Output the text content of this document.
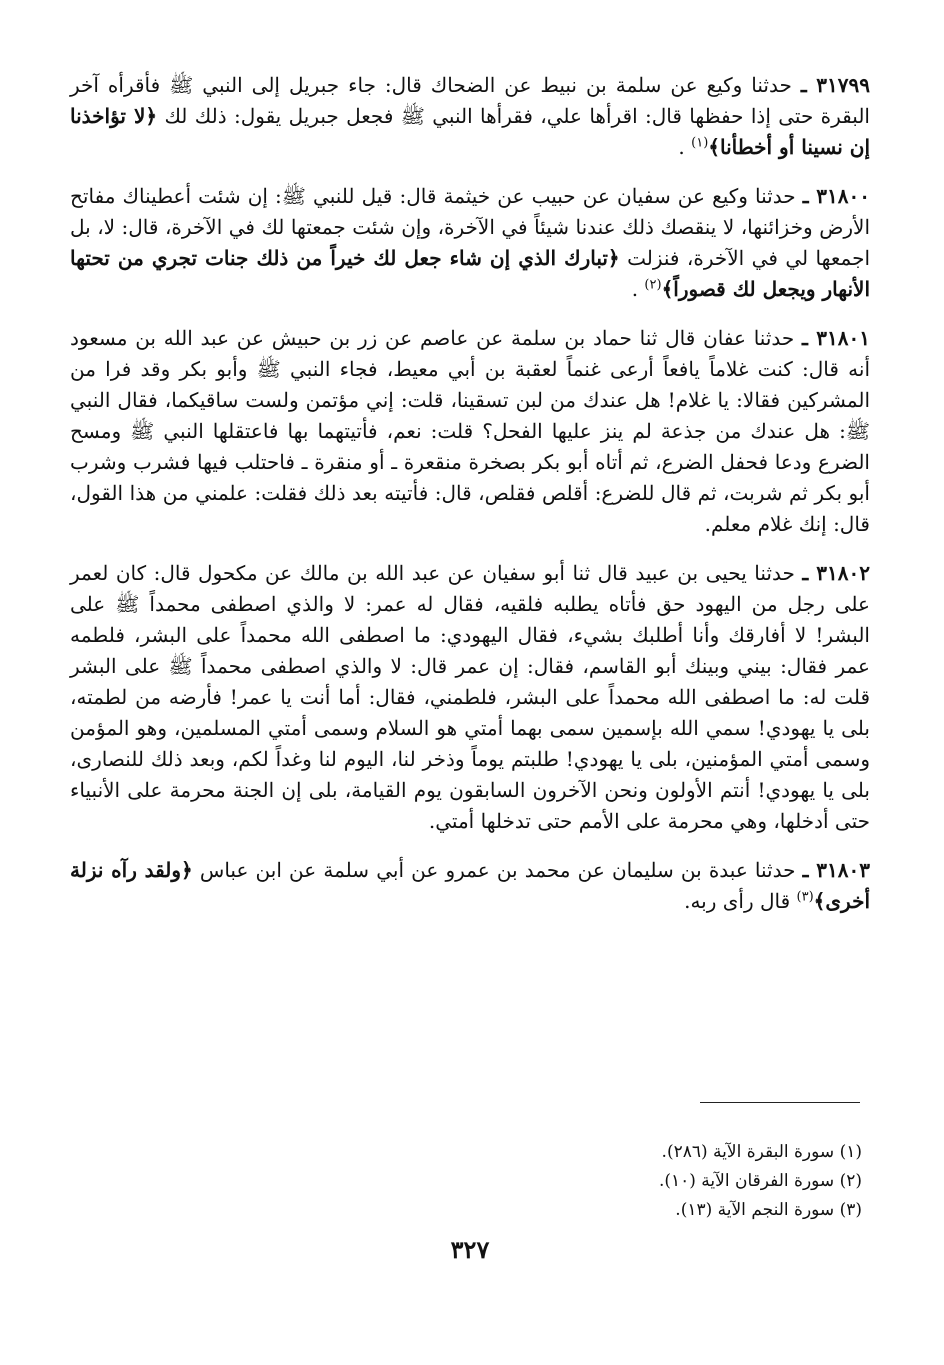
٣١٧٩٩ ـ حدثنا وكيع عن سلمة بن نبيط عن الضحاك قال: جاء جبريل إلى النبي ﷺ فأقرأه آخر البقرة حتى إذا حفظها قال: اقرأها علي، فقرأها النبي ﷺ فجعل جبريل يقول: ذلك لك ﴿لا تؤاخذنا إن نسينا أو أخطأنا﴾$^{(١)}$ .

٣١٨٠٠ ـ حدثنا وكيع عن سفيان عن حبيب عن خيثمة قال: قيل للنبي ﷺ: إن شئت أعطيناك مفاتح الأرض وخزائنها، لا ينقصك ذلك عندنا شيئاً في الآخرة، وإن شئت جمعتها لك في الآخرة، قال: لا، بل اجمعها لي في الآخرة، فنزلت ﴿تبارك الذي إن شاء جعل لك خيراً من ذلك جنات تجري من تحتها الأنهار ويجعل لك قصوراً﴾$^{(٢)}$ .

٣١٨٠١ ـ حدثنا عفان قال ثنا حماد بن سلمة عن عاصم عن زر بن حبيش عن عبد الله بن مسعود أنه قال: كنت غلاماً يافعاً أرعى غنماً لعقبة بن أبي معيط، فجاء النبي ﷺ وأبو بكر وقد فرا من المشركين فقالا: يا غلام! هل عندك من لبن تسقينا، قلت: إني مؤتمن ولست ساقيكما، فقال النبي ﷺ: هل عندك من جذعة لم ينز عليها الفحل؟ قلت: نعم، فأتيتهما بها فاعتقلها النبي ﷺ ومسح الضرع ودعا فحفل الضرع، ثم أتاه أبو بكر بصخرة منقعرة ـ أو منقرة ـ فاحتلب فيها فشرب وشرب أبو بكر ثم شربت، ثم قال للضرع: أقلص فقلص، قال: فأتيته بعد ذلك فقلت: علمني من هذا القول، قال: إنك غلام معلم.

٣١٨٠٢ ـ حدثنا يحيى بن عبيد قال ثنا أبو سفيان عن عبد الله بن مالك عن مكحول قال: كان لعمر على رجل من اليهود حق فأتاه يطلبه فلقيه، فقال له عمر: لا والذي اصطفى محمداً ﷺ على البشر! لا أفارقك وأنا أطلبك بشيء، فقال اليهودي: ما اصطفى الله محمداً على البشر، فلطمه عمر فقال: بيني وبينك أبو القاسم، فقال: إن عمر قال: لا والذي اصطفى محمداً ﷺ على البشر قلت له: ما اصطفى الله محمداً على البشر، فلطمني، فقال: أما أنت يا عمر! فأرضه من لطمته، بلى يا يهودي! سمي الله بإسمين سمى بهما أمتي هو السلام وسمى أمتي المسلمين، وهو المؤمن وسمى أمتي المؤمنين، بلى يا يهودي! طلبتم يوماً وذخر لنا، اليوم لنا وغداً لكم، وبعد ذلك للنصارى، بلى يا يهودي! أنتم الأولون ونحن الآخرون السابقون يوم القيامة، بلى إن الجنة محرمة على الأنبياء حتى أدخلها، وهي محرمة على الأمم حتى تدخلها أمتي.

٣١٨٠٣ ـ حدثنا عبدة بن سليمان عن محمد بن عمرو عن أبي سلمة عن ابن عباس ﴿ولقد رآه نزلة أخرى﴾$^{(٣)}$ قال رأى ربه.

(١) سورة البقرة الآية (٢٨٦).

(٢) سورة الفرقان الآية (١٠).

(٣) سورة النجم الآية (١٣).

٣٢٧
